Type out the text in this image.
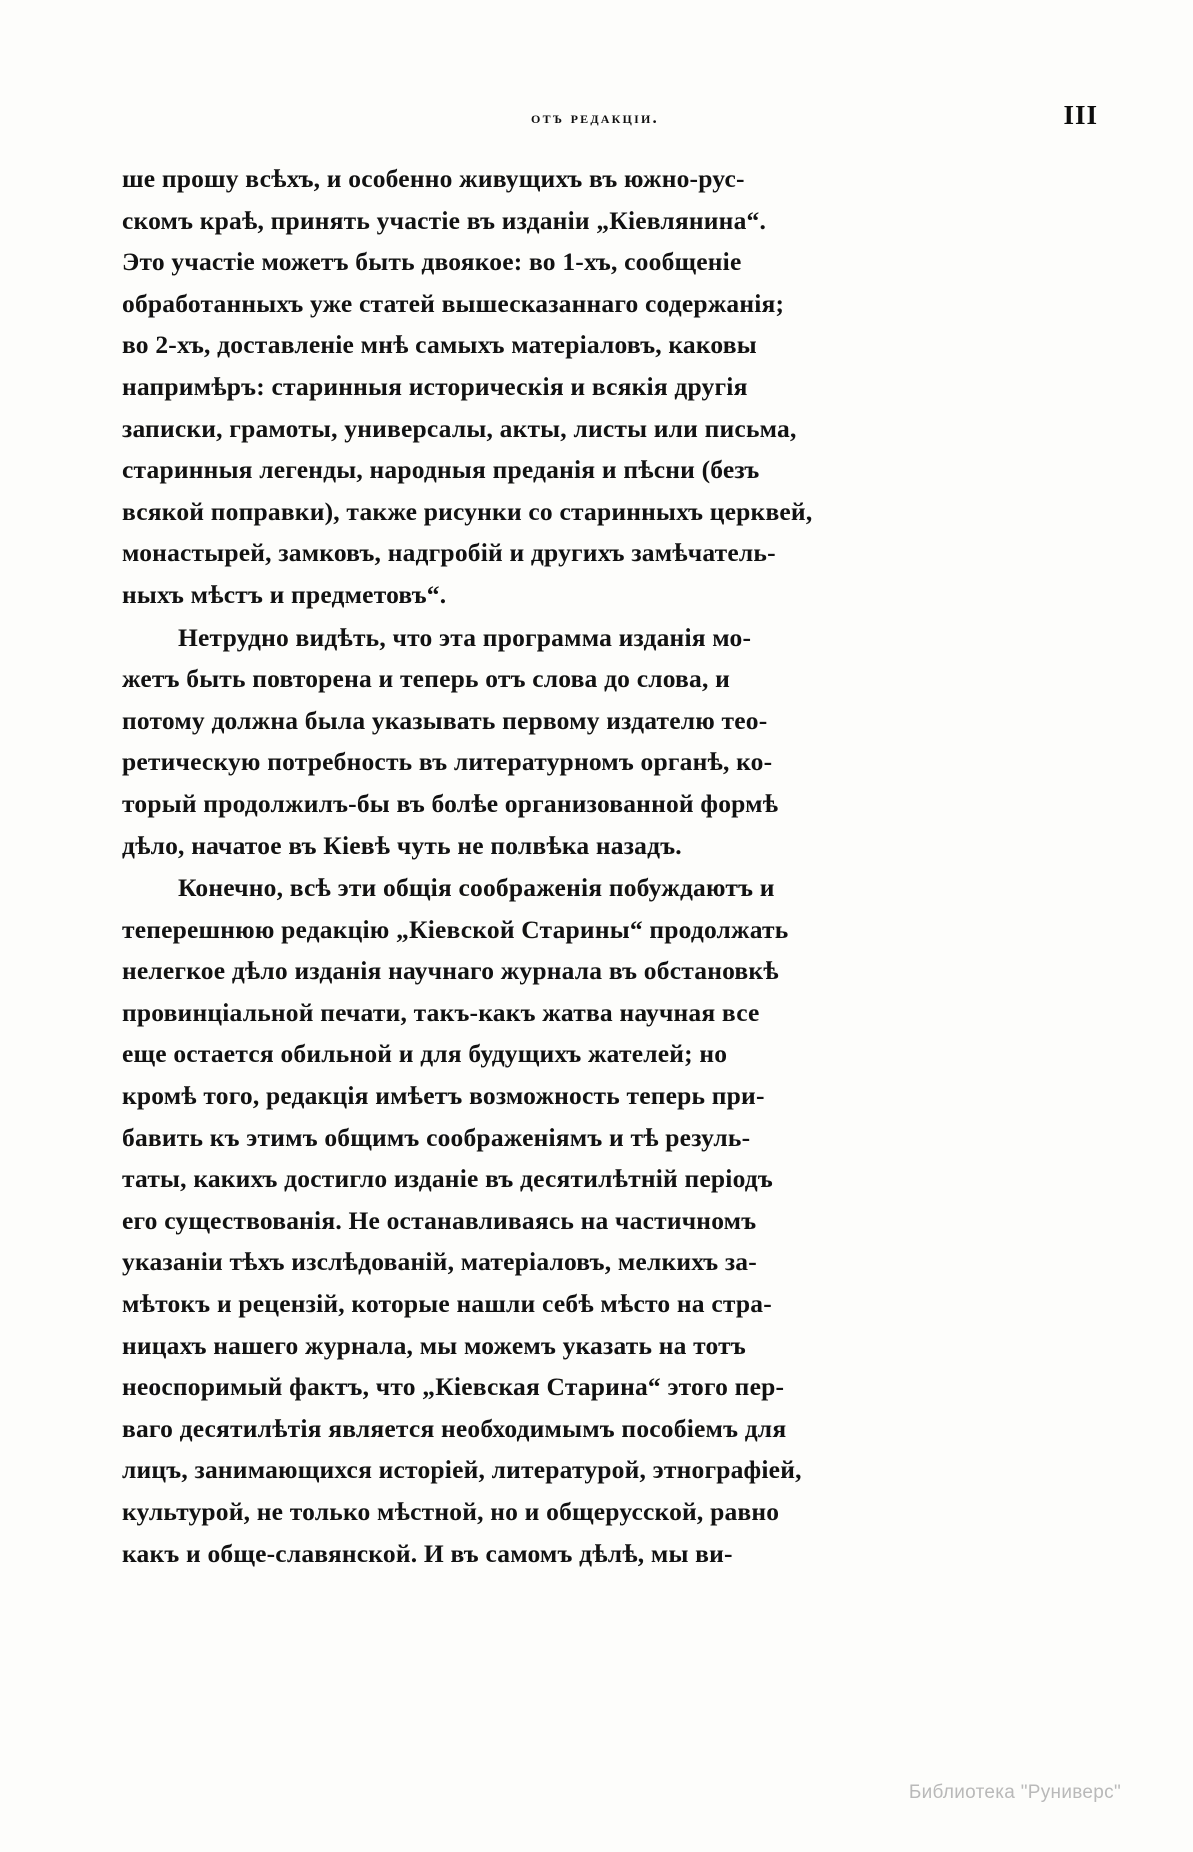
отъ редакціи.	III
ше прошу всѣхъ, и особенно живущихъ въ южно-рус-
скомъ краѣ, принять участіе въ изданіи „Кіевлянина“.
Это участіе можетъ быть двоякое: во 1-хъ, сообщеніе
обработанныхъ уже статей вышесказаннаго содержанія;
во 2-хъ, доставленіе мнѣ самыхъ матеріаловъ, каковы
напримѣръ: старинныя историческія и всякія другія
записки, грамоты, универсалы, акты, листы или письма,
старинныя легенды, народныя преданія и пѣсни (безъ
всякой поправки), также рисунки со старинныхъ церквей,
монастырей, замковъ, надгробій и другихъ замѣчатель-
ныхъ мѣстъ и предметовъ“.
Нетрудно видѣть, что эта программа изданія мо-
жетъ быть повторена и теперь отъ слова до слова, и
потому должна была указывать первому издателю тео-
ретическую потребность въ литературномъ органѣ, ко-
торый продолжилъ-бы въ болѣе организованной формѣ
дѣло, начатое въ Кіевѣ чуть не полвѣка назадъ.
Конечно, всѣ эти общія соображенія побуждаютъ и
теперешнюю редакцію „Кіевской Старины“ продолжать
нелегкое дѣло изданія научнаго журнала въ обстановкѣ
провинціальной печати, такъ-какъ жатва научная все
еще остается обильной и для будущихъ жателей; но
кромѣ того, редакція имѣетъ возможность теперь при-
бавить къ этимъ общимъ соображеніямъ и тѣ резуль-
таты, какихъ достигло изданіе въ десятилѣтній періодъ
его существованія. Не останавливаясь на частичномъ
указаніи тѣхъ изслѣдованій, матеріаловъ, мелкихъ за-
мѣтокъ и рецензій, которые нашли себѣ мѣсто на стра-
ницахъ нашего журнала, мы можемъ указать на тотъ
неоспоримый фактъ, что „Кіевская Старина“ этого пер-
ваго десятилѣтія является необходимымъ пособіемъ для
лицъ, занимающихся исторіей, литературой, этнографіей,
культурой, не только мѣстной, но и общерусской, равно
какъ и обще-славянской. И въ самомъ дѣлѣ, мы ви-
Библиотека "Руниверс"
